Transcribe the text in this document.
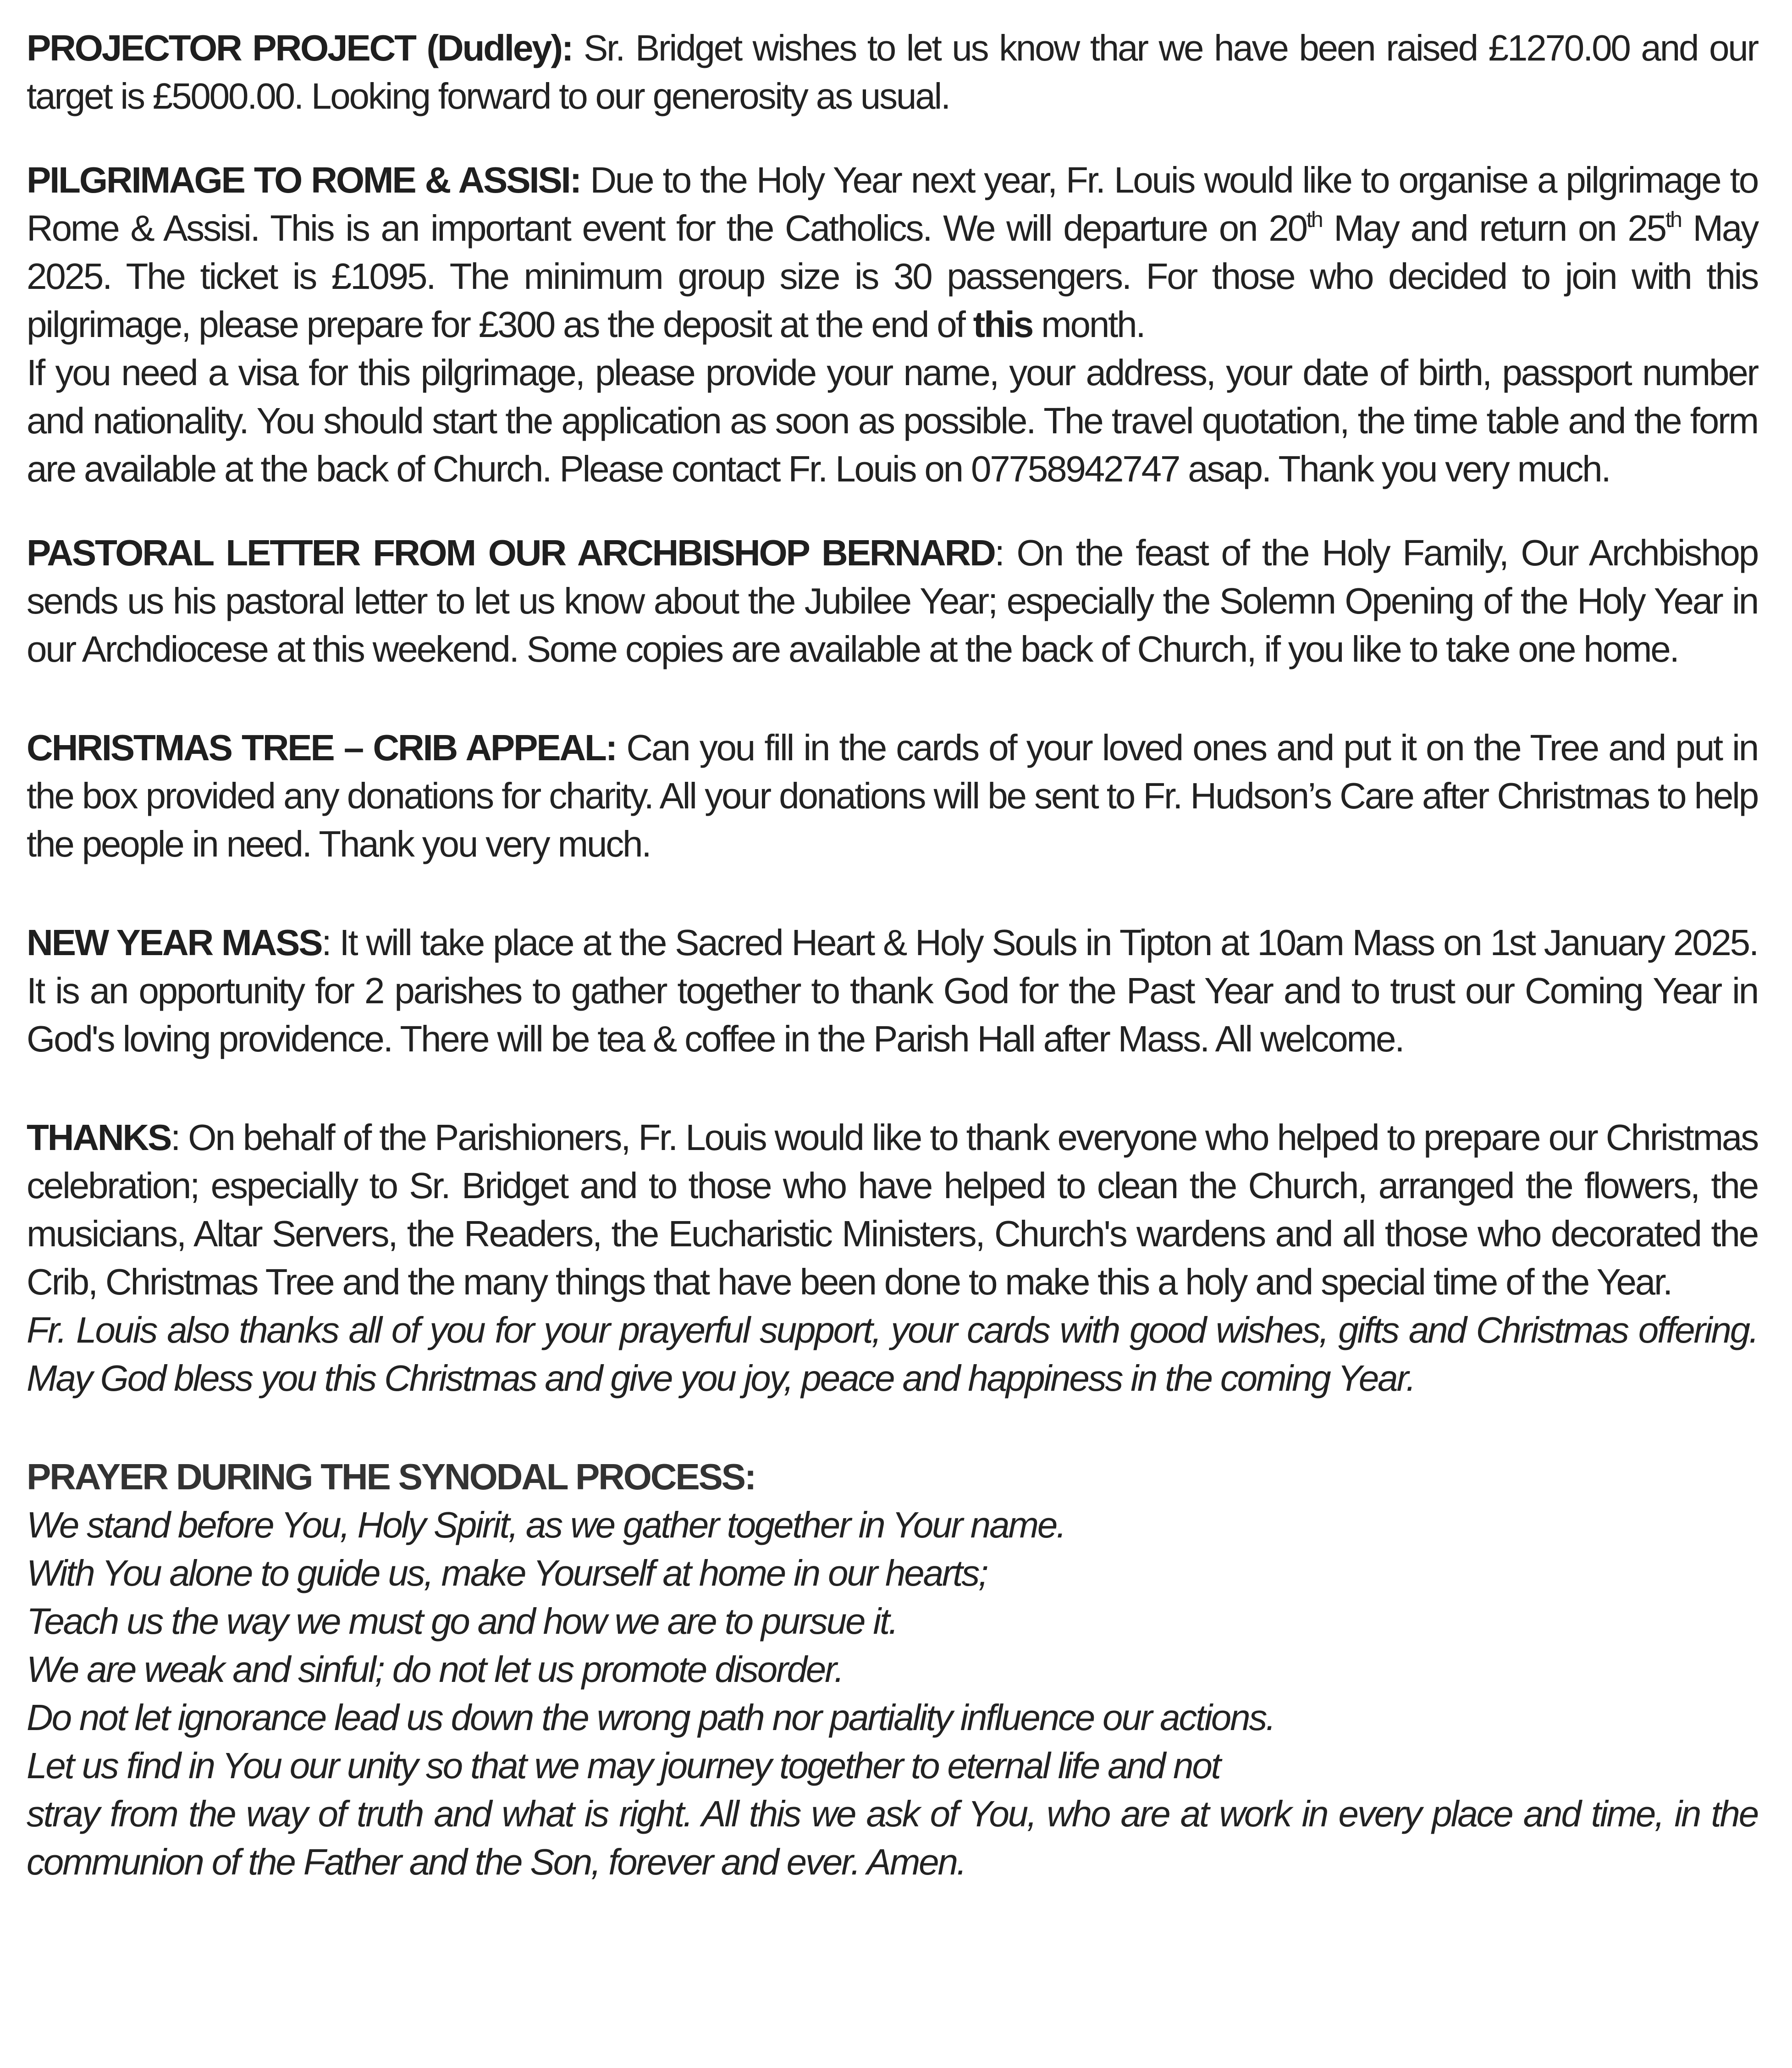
PROJECTOR PROJECT (Dudley): Sr. Bridget wishes to let us know thar we have been raised £1270.00 and our target is £5000.00. Looking forward to our generosity as usual.

PILGRIMAGE TO ROME & ASSISI: Due to the Holy Year next year, Fr. Louis would like to organise a pilgrimage to Rome & Assisi. This is an important event for the Catholics. We will departure on 20th May and return on 25th May 2025. The ticket is £1095. The minimum group size is 30 passengers. For those who decided to join with this pilgrimage, please prepare for £300 as the deposit at the end of this month.

If you need a visa for this pilgrimage, please provide your name, your address, your date of birth, passport number and nationality. You should start the application as soon as possible. The travel quotation, the time table and the form are available at the back of Church. Please contact Fr. Louis on 07758942747 asap. Thank you very much.

PASTORAL LETTER FROM OUR ARCHBISHOP BERNARD: On the feast of the Holy Family, Our Archbishop sends us his pastoral letter to let us know about the Jubilee Year; especially the Solemn Opening of the Holy Year in our Archdiocese at this weekend. Some copies are available at the back of Church, if you like to take one home.

CHRISTMAS TREE – CRIB APPEAL: Can you fill in the cards of your loved ones and put it on the Tree and put in the box provided any donations for charity. All your donations will be sent to Fr. Hudson’s Care after Christmas to help the people in need. Thank you very much.

NEW YEAR MASS: It will take place at the Sacred Heart & Holy Souls in Tipton at 10am Mass on 1st January 2025. It is an opportunity for 2 parishes to gather together to thank God for the Past Year and to trust our Coming Year in God's loving providence. There will be tea & coffee in the Parish Hall after Mass. All welcome.

THANKS: On behalf of the Parishioners, Fr. Louis would like to thank everyone who helped to prepare our Christmas celebration; especially to Sr. Bridget and to those who have helped to clean the Church, arranged the flowers, the musicians, Altar Servers, the Readers, the Eucharistic Ministers, Church's wardens and all those who decorated the Crib, Christmas Tree and the many things that have been done to make this a holy and special time of the Year.

Fr. Louis also thanks all of you for your prayerful support, your cards with good wishes, gifts and Christmas offering. May God bless you this Christmas and give you joy, peace and happiness in the coming Year.

PRAYER DURING THE SYNODAL PROCESS:

We stand before You, Holy Spirit, as we gather together in Your name.

With You alone to guide us, make Yourself at home in our hearts;

Teach us the way we must go and how we are to pursue it.

We are weak and sinful; do not let us promote disorder.

Do not let ignorance lead us down the wrong path nor partiality influence our actions.

Let us find in You our unity so that we may journey together to eternal life and not

stray from the way of truth and what is right. All this we ask of You, who are at work in every place and time, in the communion of the Father and the Son, forever and ever. Amen.
